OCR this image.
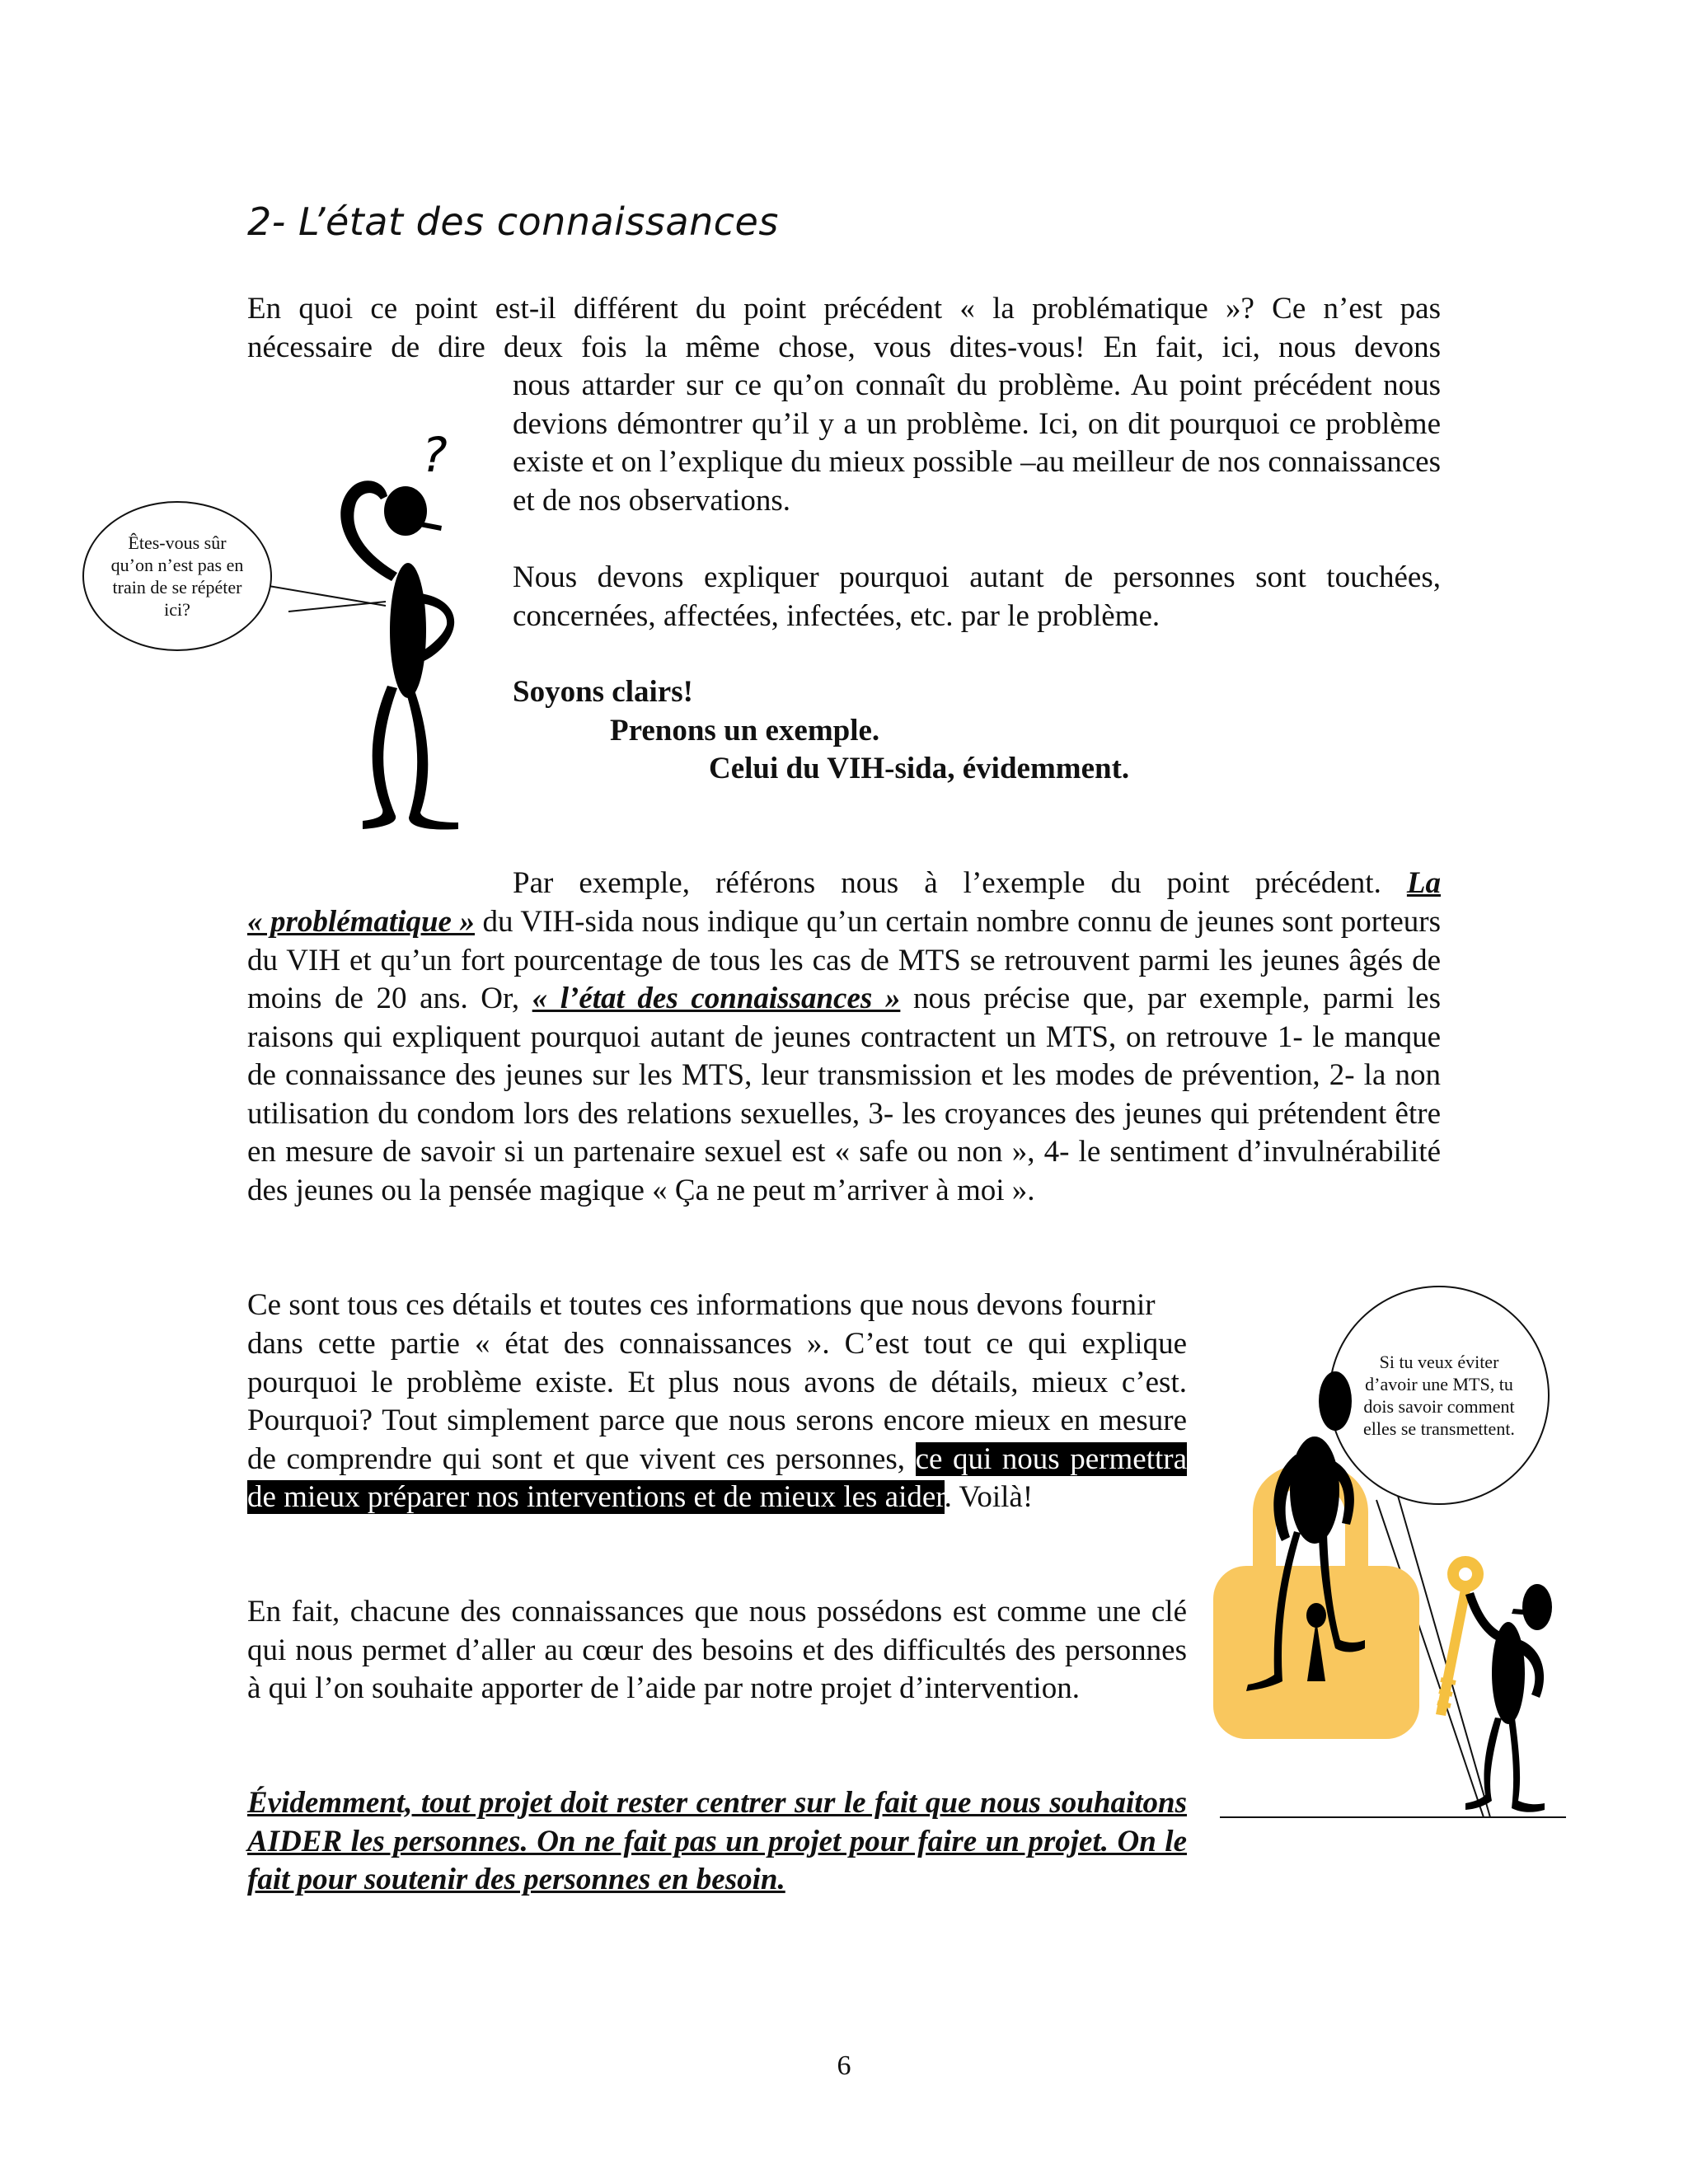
2- L’état des connaissances
En quoi ce point est-il différent du point précédent « la problématique »? Ce n’est pas
nécessaire de dire deux fois la même chose, vous dites-vous! En fait, ici, nous devons
nous attarder sur ce qu’on connaît du problème. Au point précédent nous devions démontrer qu’il y a un problème. Ici, on dit pourquoi ce problème existe et on l’explique du mieux possible –au meilleur de nos connaissances et de nos observations.
Nous devons expliquer pourquoi autant de personnes sont touchées, concernées, affectées, infectées, etc. par le problème.
Soyons clairs!
Prenons un exemple.
Celui du VIH-sida, évidemment.
?
Êtes-vous sûr qu’on n’est pas en train de se répéter ici?
Par exemple, référons nous à l’exemple du point précédent. La
« problématique » du VIH-sida nous indique qu’un certain nombre connu de jeunes sont porteurs du VIH et qu’un fort pourcentage de tous les cas de MTS se retrouvent parmi les jeunes âgés de moins de 20 ans. Or, « l’état des connaissances » nous précise que, par exemple, parmi les raisons qui expliquent pourquoi autant de jeunes contractent un MTS, on retrouve 1- le manque de connaissance des jeunes sur les MTS, leur transmission et les modes de prévention, 2- la non utilisation du condom lors des relations sexuelles, 3- les croyances des jeunes qui prétendent être en mesure de savoir si un partenaire sexuel est « safe ou non », 4- le sentiment d’invulnérabilité des jeunes ou la pensée magique « Ça ne peut m’arriver à moi ».
Ce sont tous ces détails et toutes ces informations que nous devons fournir
dans cette partie « état des connaissances ». C’est tout ce qui explique pourquoi le problème existe. Et plus nous avons de détails, mieux c’est. Pourquoi? Tout simplement parce que nous serons encore mieux en mesure de comprendre qui sont et que vivent ces personnes, ce qui nous permettra de mieux préparer nos interventions et de mieux les aider. Voilà!
En fait, chacune des connaissances que nous possédons est comme une clé qui nous permet d’aller au cœur des besoins et des difficultés des personnes à qui l’on souhaite apporter de l’aide par notre projet d’intervention.
Évidemment, tout projet doit rester centrer sur le fait que nous souhaitons AIDER les personnes. On ne fait pas un projet pour faire un projet. On le fait pour soutenir des personnes en besoin.
Si tu veux éviter d’avoir une MTS, tu dois savoir comment elles se transmettent.
6
